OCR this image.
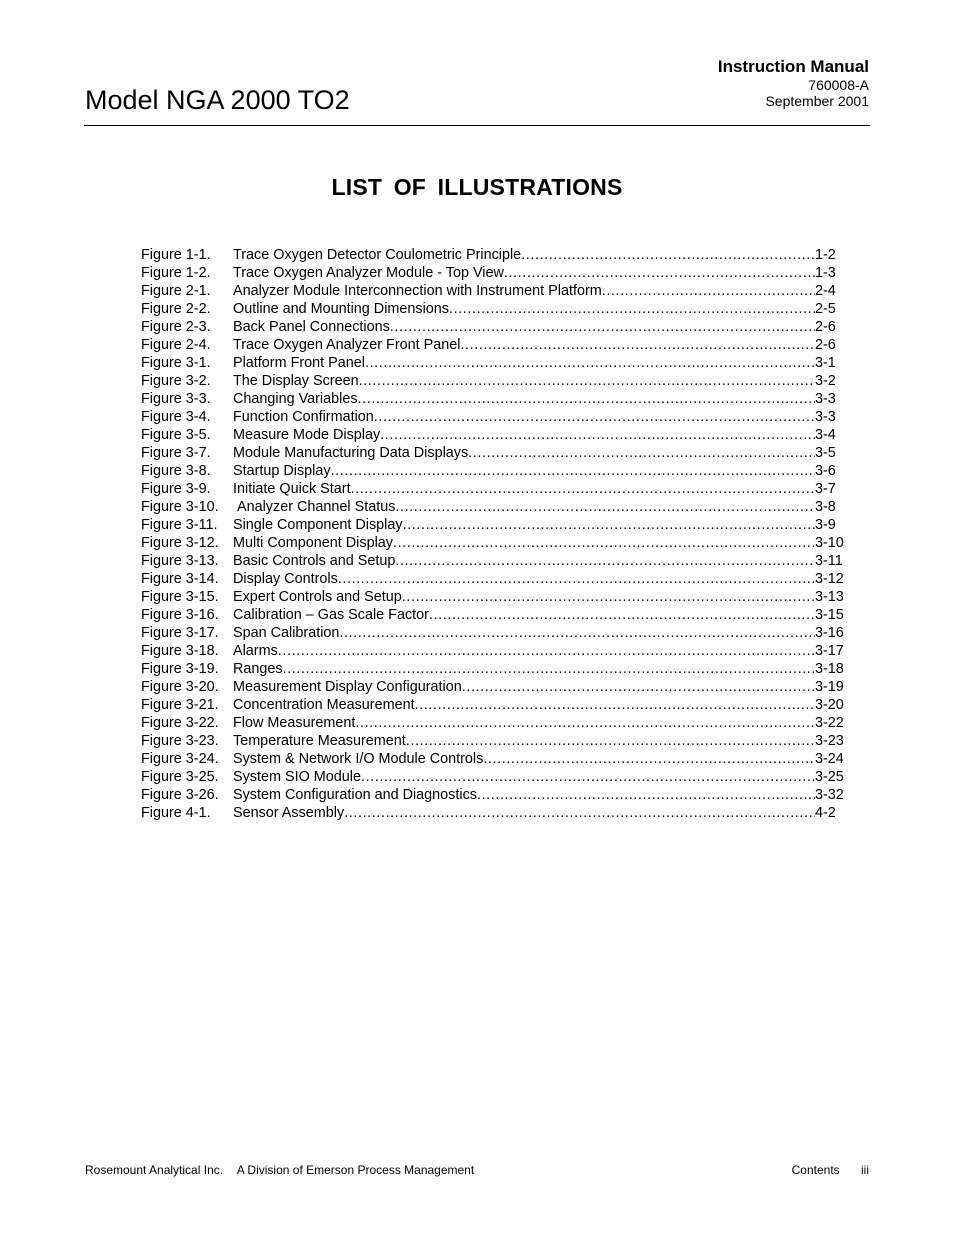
Model NGA 2000 TO2
Instruction Manual
760008-A
September 2001
LIST OF ILLUSTRATIONS
Figure 1-1.	Trace Oxygen Detector Coulometric Principle .....	1-2
Figure 1-2.	Trace Oxygen Analyzer Module - Top View .....	1-3
Figure 2-1.	Analyzer Module Interconnection with Instrument Platform .....	2-4
Figure 2-2.	Outline and Mounting Dimensions .....	2-5
Figure 2-3.	Back Panel Connections .....	2-6
Figure 2-4.	Trace Oxygen Analyzer Front Panel .....	2-6
Figure 3-1.	Platform Front Panel .....	3-1
Figure 3-2.	The Display Screen .....	3-2
Figure 3-3.	Changing Variables .....	3-3
Figure 3-4.	Function Confirmation .....	3-3
Figure 3-5.	Measure Mode Display .....	3-4
Figure 3-7.	Module Manufacturing Data Displays .....	3-5
Figure 3-8.	Startup Display .....	3-6
Figure 3-9.	Initiate Quick Start .....	3-7
Figure 3-10.	Analyzer Channel Status .....	3-8
Figure 3-11.	Single Component Display .....	3-9
Figure 3-12.	Multi Component Display .....	3-10
Figure 3-13.	Basic Controls and Setup .....	3-11
Figure 3-14.	Display Controls .....	3-12
Figure 3-15.	Expert Controls and Setup .....	3-13
Figure 3-16.	Calibration – Gas Scale Factor .....	3-15
Figure 3-17.	Span Calibration .....	3-16
Figure 3-18.	Alarms .....	3-17
Figure 3-19.	Ranges .....	3-18
Figure 3-20.	Measurement Display Configuration .....	3-19
Figure 3-21.	Concentration Measurement .....	3-20
Figure 3-22.	Flow Measurement .....	3-22
Figure 3-23.	Temperature Measurement .....	3-23
Figure 3-24.	System & Network I/O Module Controls .....	3-24
Figure 3-25.	System SIO Module .....	3-25
Figure 3-26.	System Configuration and Diagnostics .....	3-32
Figure 4-1.	Sensor Assembly .....	4-2
Rosemount Analytical Inc. A Division of Emerson Process Management	Contents iii
